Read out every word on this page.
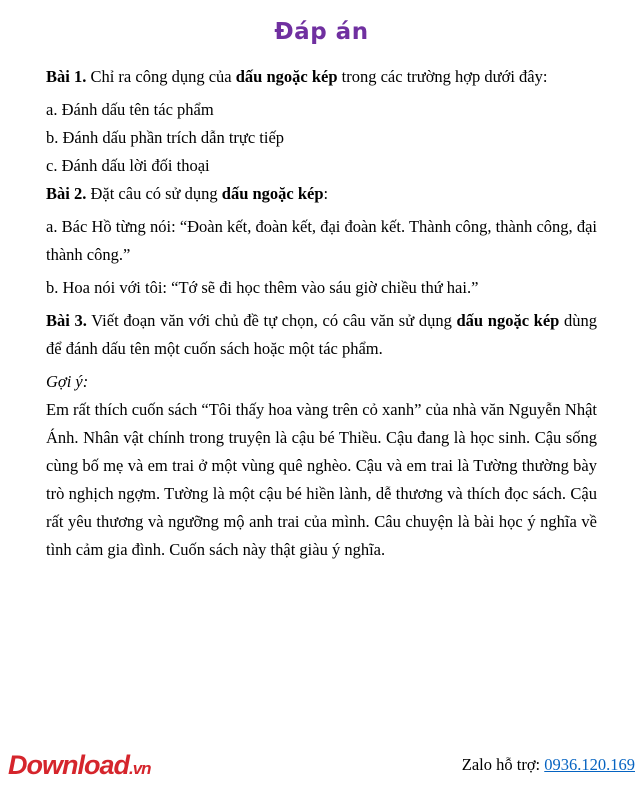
Đáp án

Bài 1. Chỉ ra công dụng của dấu ngoặc kép trong các trường hợp dưới đây:

a. Đánh dấu tên tác phẩm

b. Đánh dấu phần trích dẫn trực tiếp

c. Đánh dấu lời đối thoại

Bài 2. Đặt câu có sử dụng dấu ngoặc kép:

a. Bác Hồ từng nói: “Đoàn kết, đoàn kết, đại đoàn kết. Thành công, thành công, đại thành công.”

b. Hoa nói với tôi: “Tớ sẽ đi học thêm vào sáu giờ chiều thứ hai.”

Bài 3. Viết đoạn văn với chủ đề tự chọn, có câu văn sử dụng dấu ngoặc kép dùng để đánh dấu tên một cuốn sách hoặc một tác phẩm.

Gợi ý:

Em rất thích cuốn sách “Tôi thấy hoa vàng trên cỏ xanh” của nhà văn Nguyễn Nhật Ánh. Nhân vật chính trong truyện là cậu bé Thiều. Cậu đang là học sinh. Cậu sống cùng bố mẹ và em trai ở một vùng quê nghèo. Cậu và em trai là Tường thường bày trò nghịch ngợm. Tường là một cậu bé hiền lành, dễ thương và thích đọc sách. Cậu rất yêu thương và ngưỡng mộ anh trai của mình. Câu chuyện là bài học ý nghĩa về tình cảm gia đình. Cuốn sách này thật giàu ý nghĩa.

Download.vn	Zalo hỗ trợ: 0936.120.169
